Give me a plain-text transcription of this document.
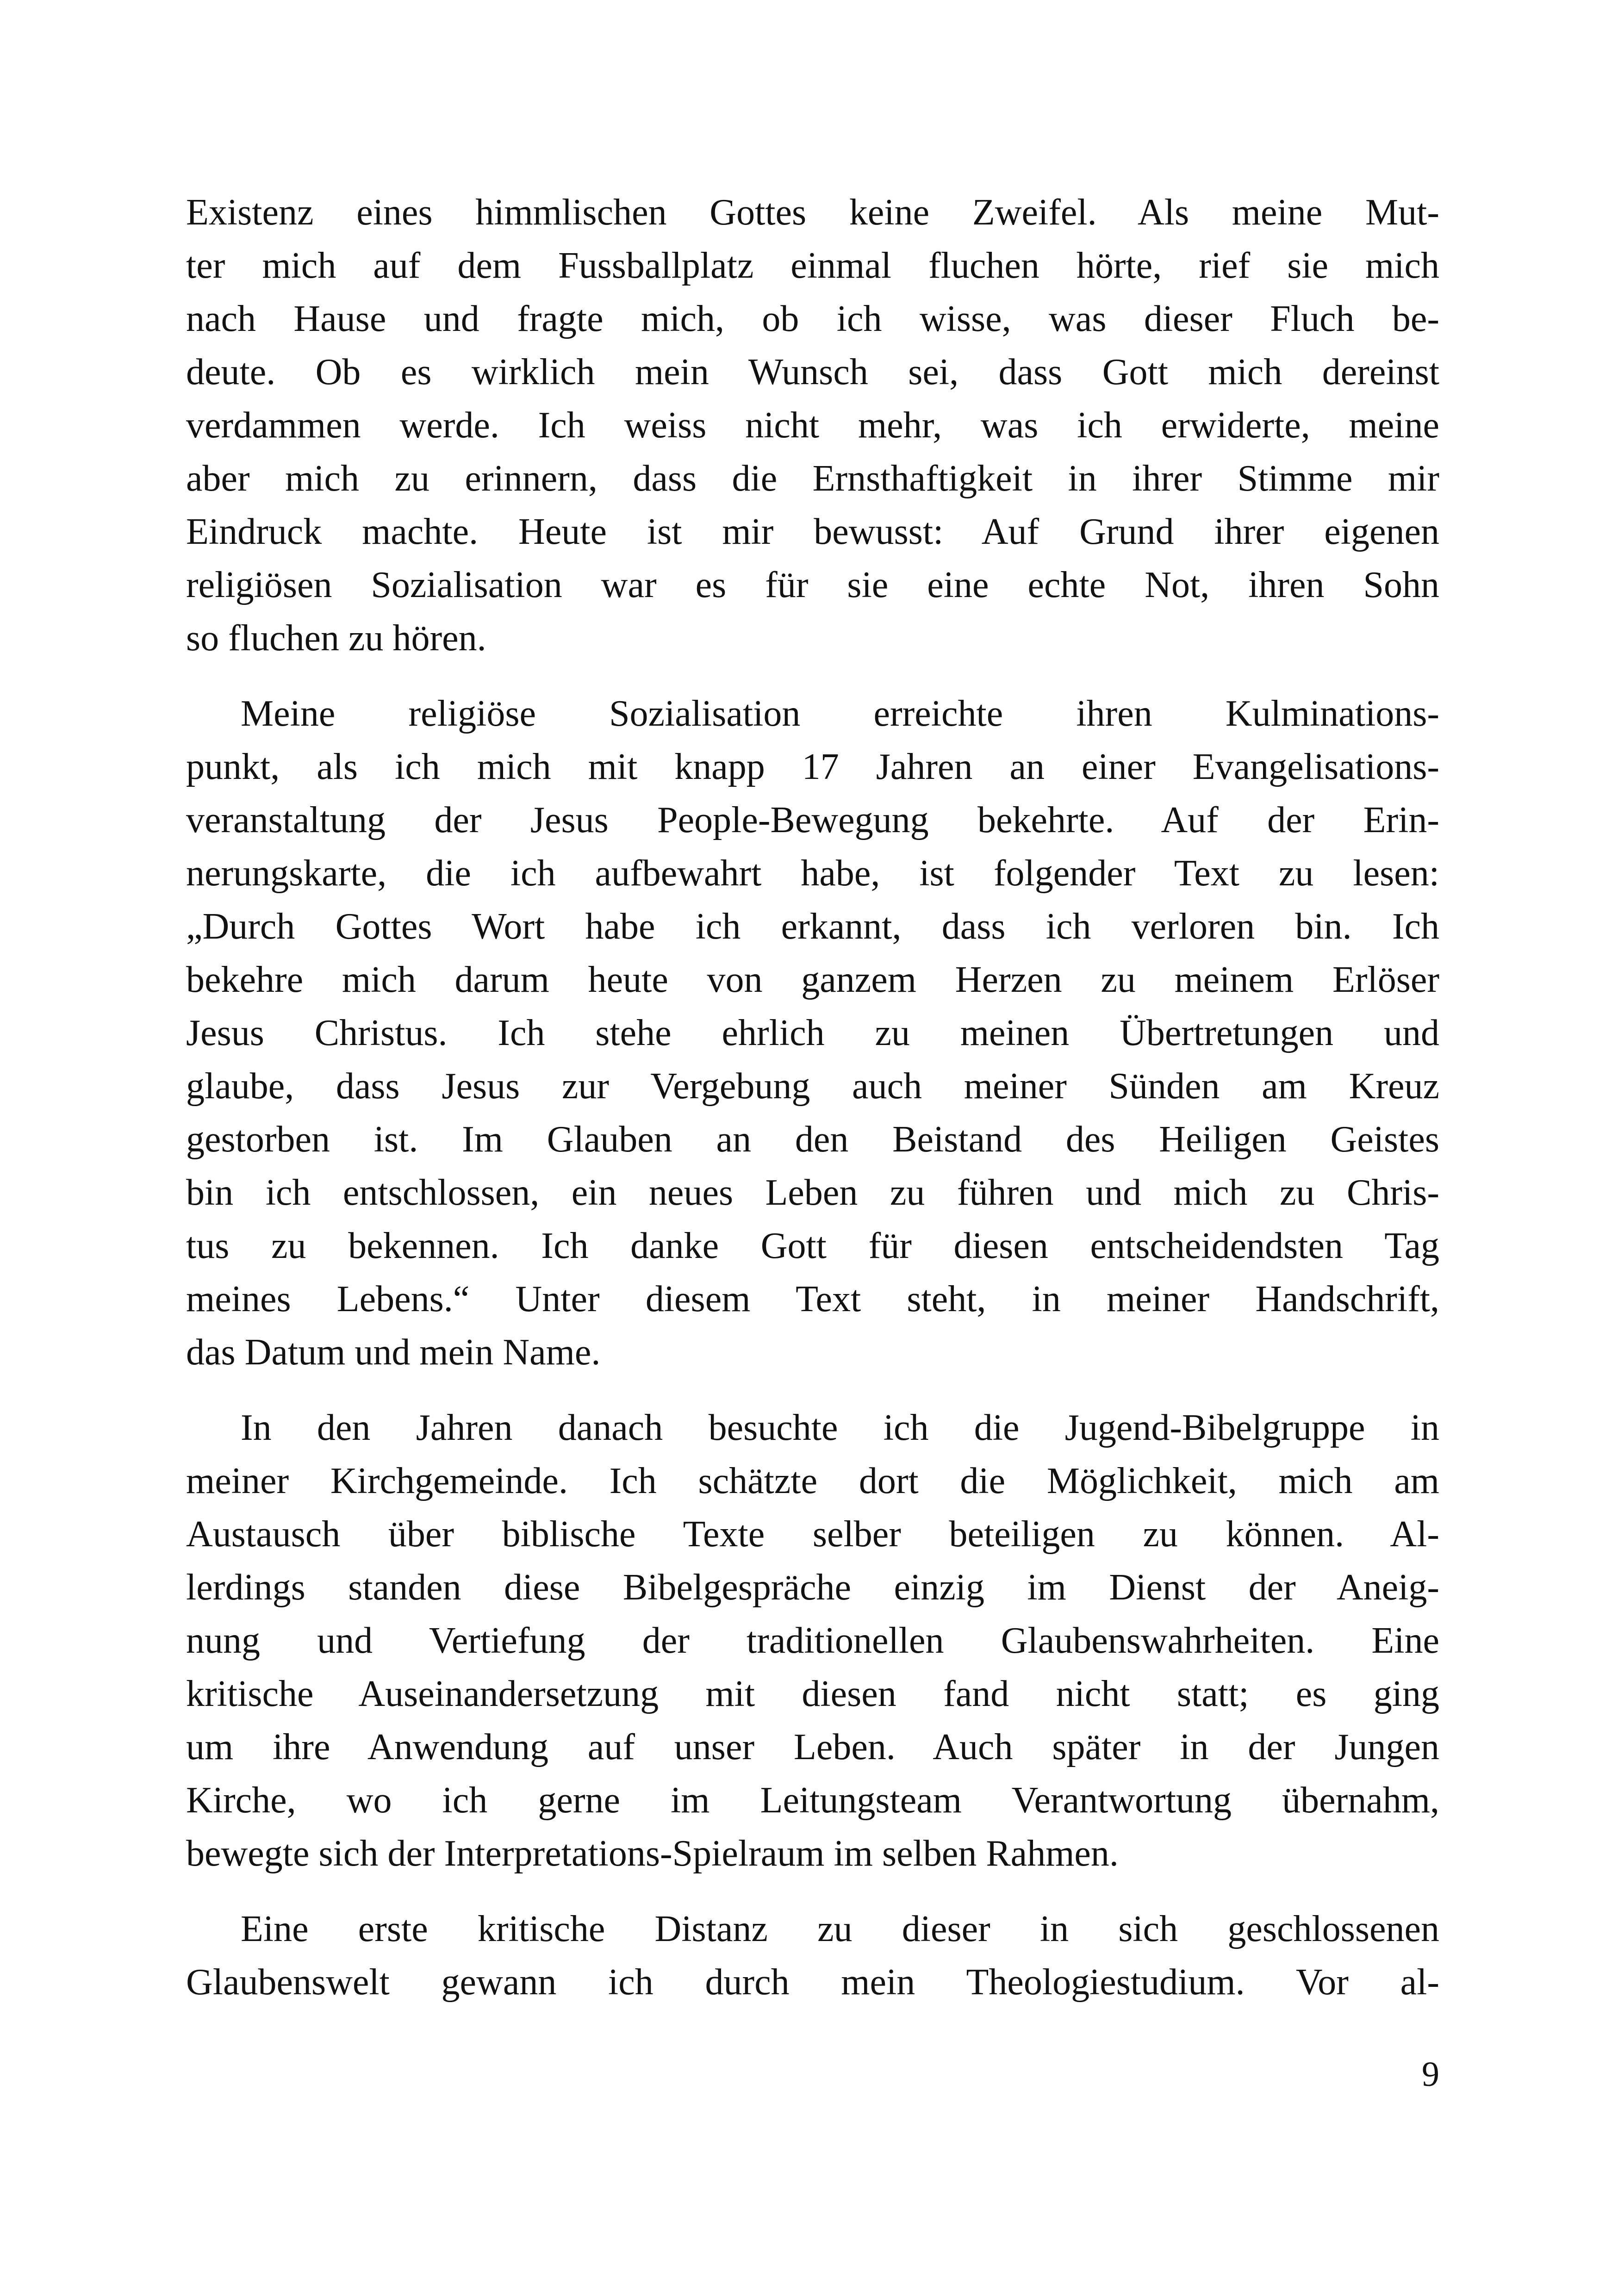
Existenz eines himmlischen Gottes keine Zweifel. Als meine Mut-
ter mich auf dem Fussballplatz einmal fluchen hörte, rief sie mich
nach Hause und fragte mich, ob ich wisse, was dieser Fluch be-
deute. Ob es wirklich mein Wunsch sei, dass Gott mich dereinst
verdammen werde. Ich weiss nicht mehr, was ich erwiderte, meine
aber mich zu erinnern, dass die Ernsthaftigkeit in ihrer Stimme mir
Eindruck machte. Heute ist mir bewusst: Auf Grund ihrer eigenen
religiösen Sozialisation war es für sie eine echte Not, ihren Sohn
so fluchen zu hören.
Meine religiöse Sozialisation erreichte ihren Kulminations-
punkt, als ich mich mit knapp 17 Jahren an einer Evangelisations-
veranstaltung der Jesus People-Bewegung bekehrte. Auf der Erin-
nerungskarte, die ich aufbewahrt habe, ist folgender Text zu lesen:
„Durch Gottes Wort habe ich erkannt, dass ich verloren bin. Ich
bekehre mich darum heute von ganzem Herzen zu meinem Erlöser
Jesus Christus. Ich stehe ehrlich zu meinen Übertretungen und
glaube, dass Jesus zur Vergebung auch meiner Sünden am Kreuz
gestorben ist. Im Glauben an den Beistand des Heiligen Geistes
bin ich entschlossen, ein neues Leben zu führen und mich zu Chris-
tus zu bekennen. Ich danke Gott für diesen entscheidendsten Tag
meines Lebens.“ Unter diesem Text steht, in meiner Handschrift,
das Datum und mein Name.
In den Jahren danach besuchte ich die Jugend-Bibelgruppe in
meiner Kirchgemeinde. Ich schätzte dort die Möglichkeit, mich am
Austausch über biblische Texte selber beteiligen zu können. Al-
lerdings standen diese Bibelgespräche einzig im Dienst der Aneig-
nung und Vertiefung der traditionellen Glaubenswahrheiten. Eine
kritische Auseinandersetzung mit diesen fand nicht statt; es ging
um ihre Anwendung auf unser Leben. Auch später in der Jungen
Kirche, wo ich gerne im Leitungsteam Verantwortung übernahm,
bewegte sich der Interpretations-Spielraum im selben Rahmen.
Eine erste kritische Distanz zu dieser in sich geschlossenen
Glaubenswelt gewann ich durch mein Theologiestudium. Vor al-
9
